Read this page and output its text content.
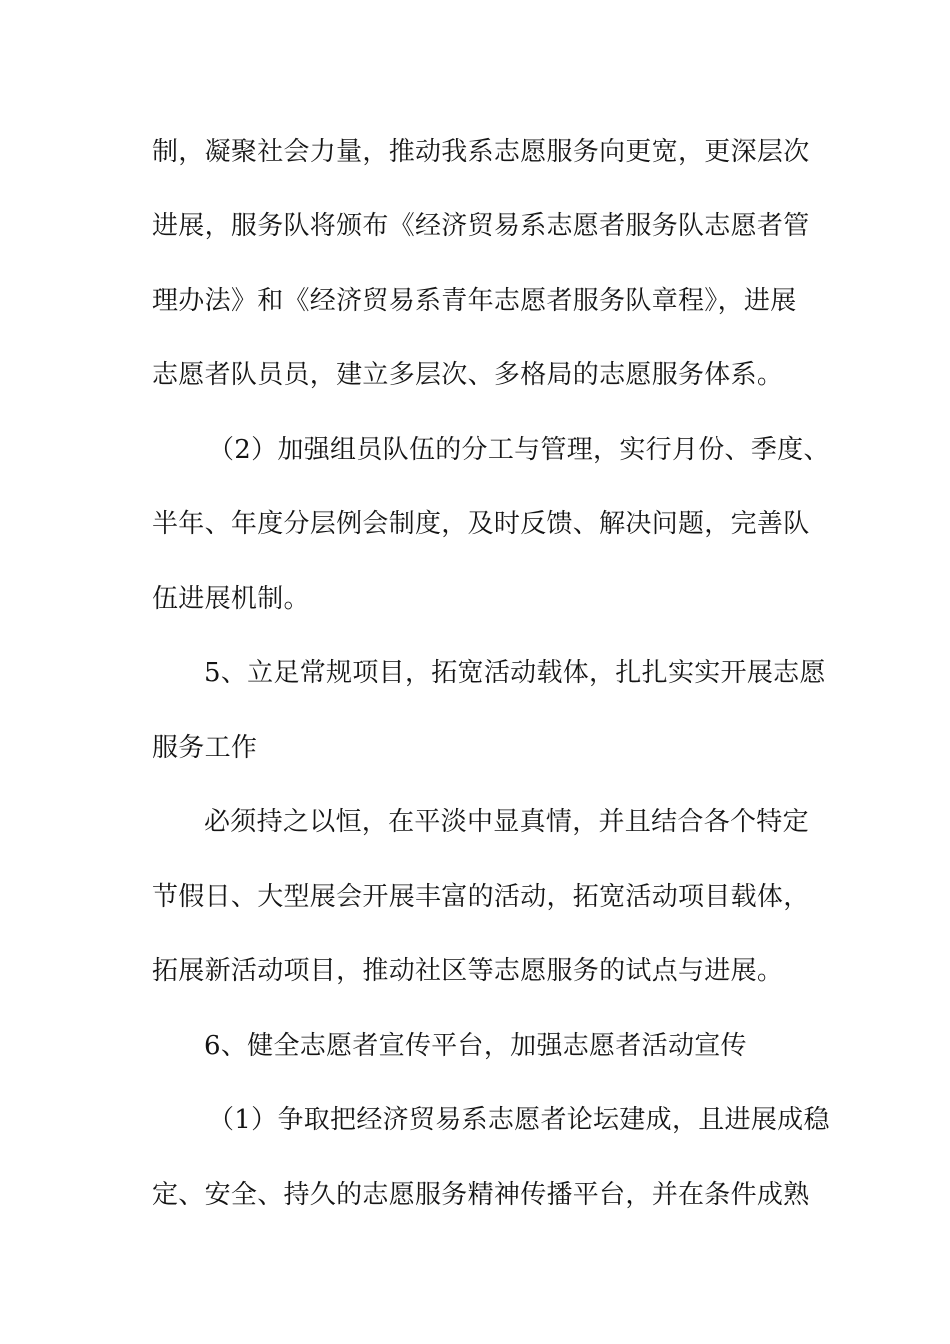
制，凝聚社会力量，推动我系志愿服务向更宽，更深层次
进展，服务队将颁布《经济贸易系志愿者服务队志愿者管
理办法》和《经济贸易系青年志愿者服务队章程》，进展
志愿者队员员，建立多层次、多格局的志愿服务体系。
（2）加强组员队伍的分工与管理，实行月份、季度、
半年、年度分层例会制度，及时反馈、解决问题，完善队
伍进展机制。
5、立足常规项目，拓宽活动载体，扎扎实实开展志愿
服务工作
必须持之以恒，在平淡中显真情，并且结合各个特定
节假日、大型展会开展丰富的活动，拓宽活动项目载体，
拓展新活动项目，推动社区等志愿服务的试点与进展。
6、健全志愿者宣传平台，加强志愿者活动宣传
（1）争取把经济贸易系志愿者论坛建成，且进展成稳
定、安全、持久的志愿服务精神传播平台，并在条件成熟
